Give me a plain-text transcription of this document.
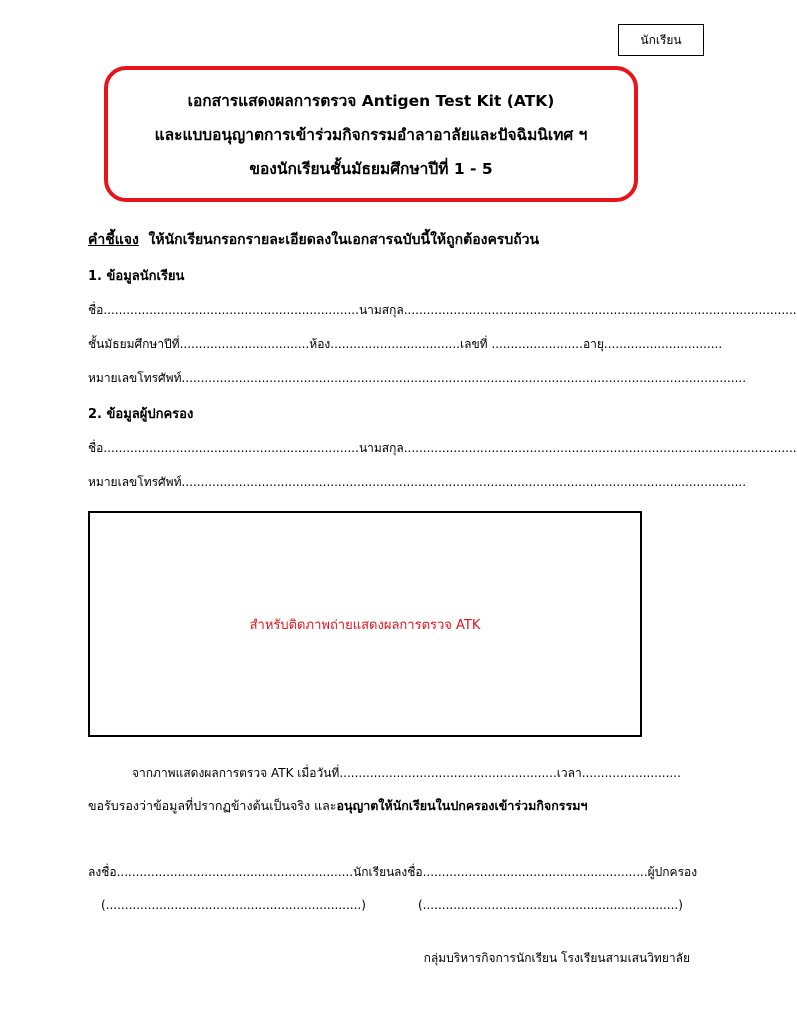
นักเรียน
เอกสารแสดงผลการตรวจ Antigen Test Kit (ATK)
และแบบอนุญาตการเข้าร่วมกิจกรรมอำลาอาลัยและปัจฉิมนิเทศ ฯ
ของนักเรียนชั้นมัธยมศึกษาปีที่ 1 - 5
คำชี้แจง ให้นักเรียนกรอกรายละเอียดลงในเอกสารฉบับนี้ให้ถูกต้องครบถ้วน
1. ข้อมูลนักเรียน
ชื่อ...................................................................นามสกุล.......................................................................................................
ชั้นมัธยมศึกษาปีที่..................................ห้อง..................................เลขที่ ........................อายุ...............................
หมายเลขโทรศัพท์....................................................................................................................................................
2. ข้อมูลผู้ปกครอง
ชื่อ...................................................................นามสกุล.......................................................................................................
หมายเลขโทรศัพท์....................................................................................................................................................
สำหรับติดภาพถ่ายแสดงผลการตรวจ ATK
จากภาพแสดงผลการตรวจ ATK เมื่อวันที่.........................................................เวลา..........................
ขอรับรองว่าข้อมูลที่ปรากฏข้างต้นเป็นจริง และอนุญาตให้นักเรียนในปกครองเข้าร่วมกิจกรรมฯ
ลงชื่อ..............................................................นักเรียน ลงชื่อ...........................................................ผู้ปกครอง
(...................................................................)	(...................................................................)
กลุ่มบริหารกิจการนักเรียน โรงเรียนสามเสนวิทยาลัย
